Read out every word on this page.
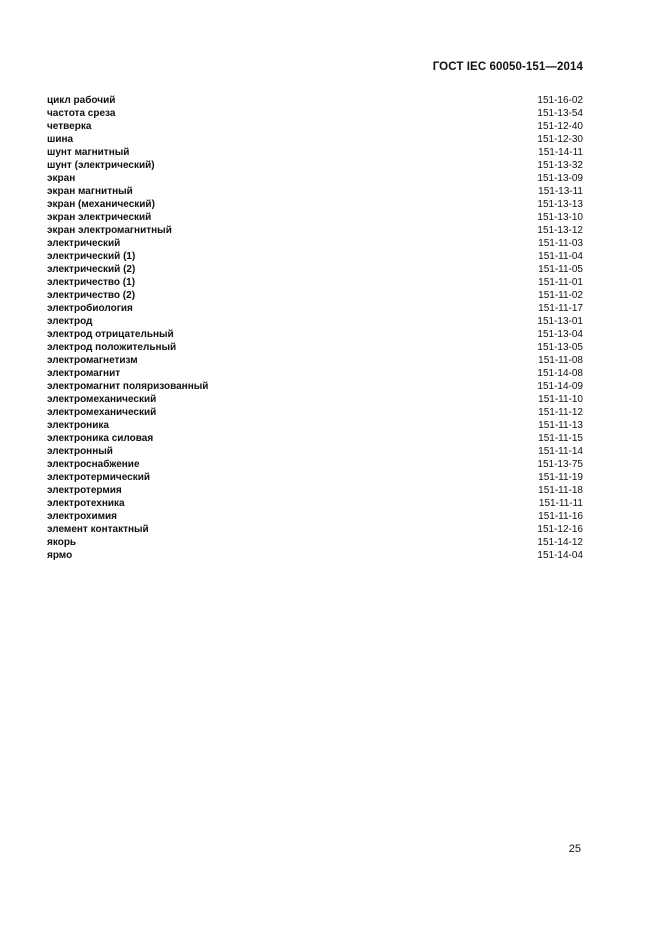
ГОСТ IEC 60050-151—2014
цикл рабочий	151-16-02
частота среза	151-13-54
четверка	151-12-40
шина	151-12-30
шунт магнитный	151-14-11
шунт (электрический)	151-13-32
экран	151-13-09
экран магнитный	151-13-11
экран (механический)	151-13-13
экран электрический	151-13-10
экран электромагнитный	151-13-12
электрический	151-11-03
электрический (1)	151-11-04
электрический (2)	151-11-05
электричество (1)	151-11-01
электричество (2)	151-11-02
электробиология	151-11-17
электрод	151-13-01
электрод отрицательный	151-13-04
электрод положительный	151-13-05
электромагнетизм	151-11-08
электромагнит	151-14-08
электромагнит поляризованный	151-14-09
электромеханический	151-11-10
электромеханический	151-11-12
электроника	151-11-13
электроника силовая	151-11-15
электронный	151-11-14
электроснабжение	151-13-75
электротермический	151-11-19
электротермия	151-11-18
электротехника	151-11-11
электрохимия	151-11-16
элемент контактный	151-12-16
якорь	151-14-12
ярмо	151-14-04
25
